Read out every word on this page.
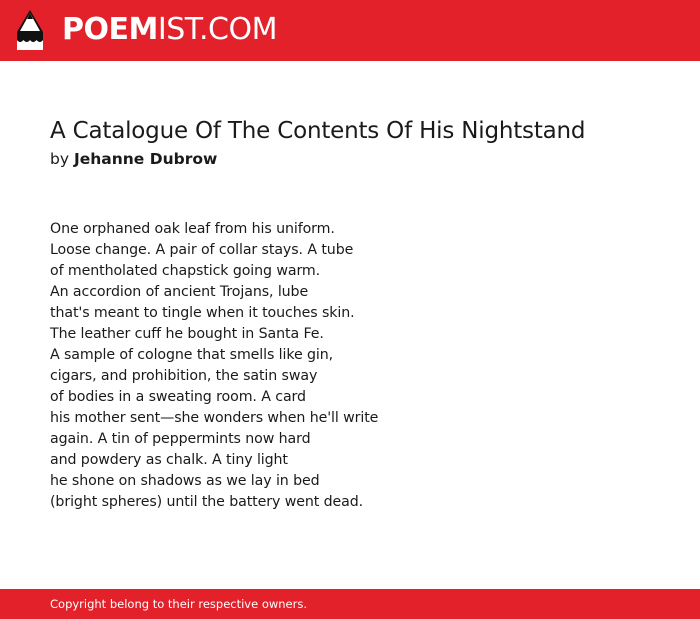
POEMIST.COM
A Catalogue Of The Contents Of His Nightstand
by Jehanne Dubrow
One orphaned oak leaf from his uniform.
Loose change. A pair of collar stays. A tube
of mentholated chapstick going warm.
An accordion of ancient Trojans, lube
that's meant to tingle when it touches skin.
The leather cuff he bought in Santa Fe.
A sample of cologne that smells like gin,
cigars, and prohibition, the satin sway
of bodies in a sweating room. A card
his mother sent—she wonders when he'll write
again. A tin of peppermints now hard
and powdery as chalk. A tiny light
he shone on shadows as we lay in bed
(bright spheres) until the battery went dead.
Copyright belong to their respective owners.
